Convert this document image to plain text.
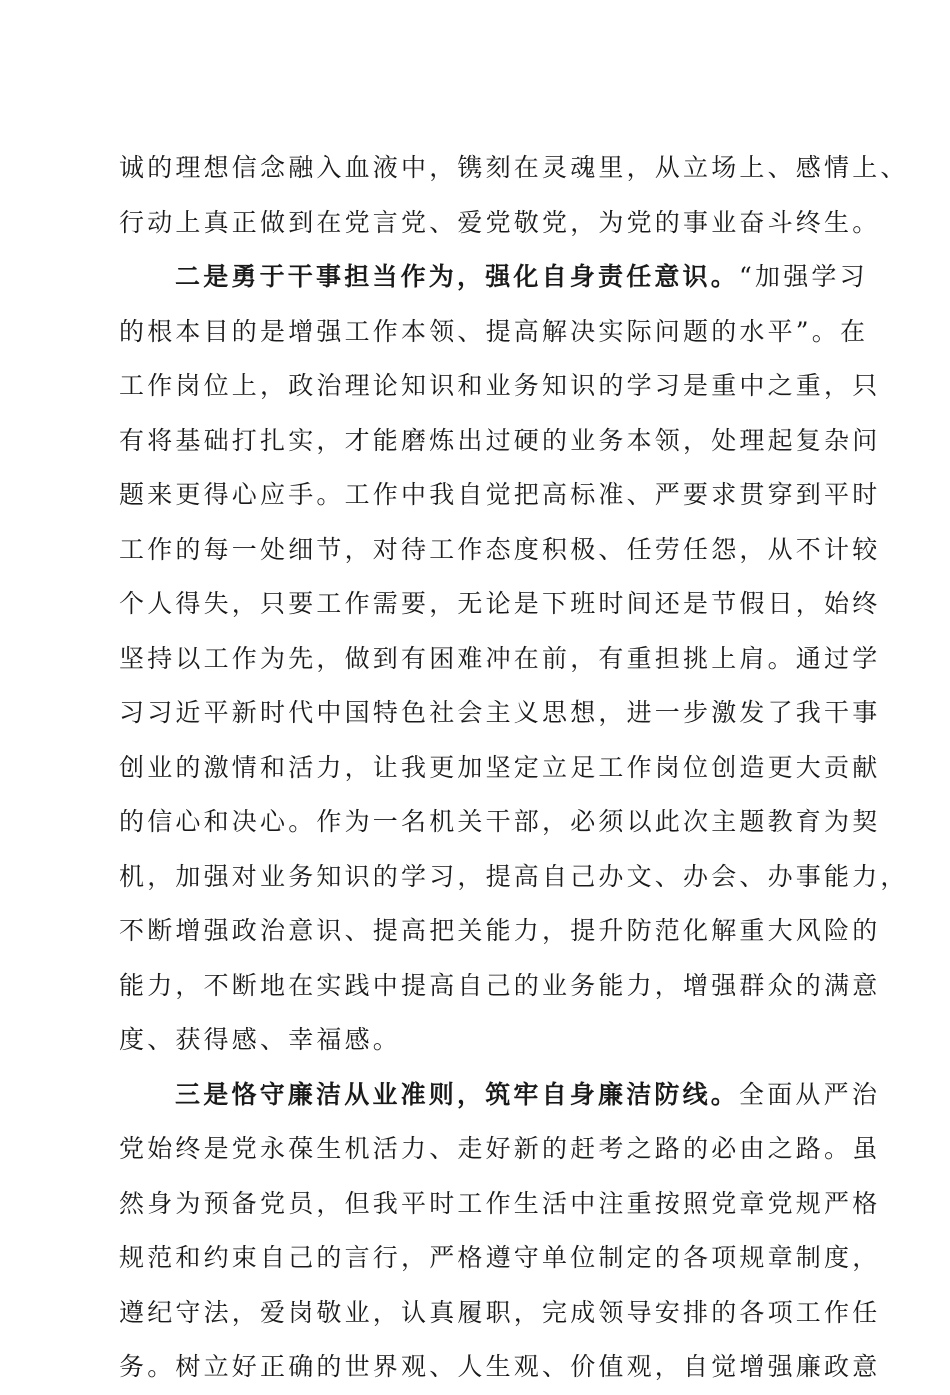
诚的理想信念融入血液中，镌刻在灵魂里，从立场上、感情上、
行动上真正做到在党言党、爱党敬党，为党的事业奋斗终生。
二是勇于干事担当作为，强化自身责任意识。“加强学习
的根本目的是增强工作本领、提高解决实际问题的水平”。在
工作岗位上，政治理论知识和业务知识的学习是重中之重，只
有将基础打扎实，才能磨炼出过硬的业务本领，处理起复杂问
题来更得心应手。工作中我自觉把高标准、严要求贯穿到平时
工作的每一处细节，对待工作态度积极、任劳任怨，从不计较
个人得失，只要工作需要，无论是下班时间还是节假日，始终
坚持以工作为先，做到有困难冲在前，有重担挑上肩。通过学
习习近平新时代中国特色社会主义思想，进一步激发了我干事
创业的激情和活力，让我更加坚定立足工作岗位创造更大贡献
的信心和决心。作为一名机关干部，必须以此次主题教育为契
机，加强对业务知识的学习，提高自己办文、办会、办事能力，
不断增强政治意识、提高把关能力，提升防范化解重大风险的
能力，不断地在实践中提高自己的业务能力，增强群众的满意
度、获得感、幸福感。
三是恪守廉洁从业准则，筑牢自身廉洁防线。全面从严治
党始终是党永葆生机活力、走好新的赶考之路的必由之路。虽
然身为预备党员，但我平时工作生活中注重按照党章党规严格
规范和约束自己的言行，严格遵守单位制定的各项规章制度，
遵纪守法，爱岗敬业，认真履职，完成领导安排的各项工作任
务。树立好正确的世界观、人生观、价值观，自觉增强廉政意
